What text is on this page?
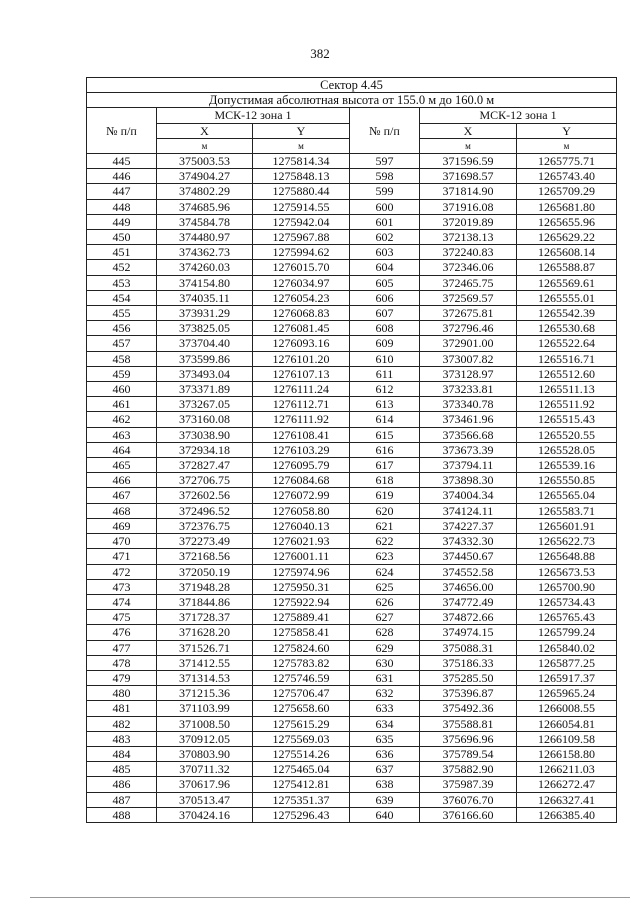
382
Сектор 4.45					
Допустимая абсолютная высота от 155.0 м до 160.0 м					
№ п/п	МСК-12 зона 1		№ п/п	МСК-12 зона 1	
	X	Y		X	Y
	м	м		м	м
445	375003.53	1275814.34	597	371596.59	1265775.71
446	374904.27	1275848.13	598	371698.57	1265743.40
447	374802.29	1275880.44	599	371814.90	1265709.29
448	374685.96	1275914.55	600	371916.08	1265681.80
449	374584.78	1275942.04	601	372019.89	1265655.96
450	374480.97	1275967.88	602	372138.13	1265629.22
451	374362.73	1275994.62	603	372240.83	1265608.14
452	374260.03	1276015.70	604	372346.06	1265588.87
453	374154.80	1276034.97	605	372465.75	1265569.61
454	374035.11	1276054.23	606	372569.57	1265555.01
455	373931.29	1276068.83	607	372675.81	1265542.39
456	373825.05	1276081.45	608	372796.46	1265530.68
457	373704.40	1276093.16	609	372901.00	1265522.64
458	373599.86	1276101.20	610	373007.82	1265516.71
459	373493.04	1276107.13	611	373128.97	1265512.60
460	373371.89	1276111.24	612	373233.81	1265511.13
461	373267.05	1276112.71	613	373340.78	1265511.92
462	373160.08	1276111.92	614	373461.96	1265515.43
463	373038.90	1276108.41	615	373566.68	1265520.55
464	372934.18	1276103.29	616	373673.39	1265528.05
465	372827.47	1276095.79	617	373794.11	1265539.16
466	372706.75	1276084.68	618	373898.30	1265550.85
467	372602.56	1276072.99	619	374004.34	1265565.04
468	372496.52	1276058.80	620	374124.11	1265583.71
469	372376.75	1276040.13	621	374227.37	1265601.91
470	372273.49	1276021.93	622	374332.30	1265622.73
471	372168.56	1276001.11	623	374450.67	1265648.88
472	372050.19	1275974.96	624	374552.58	1265673.53
473	371948.28	1275950.31	625	374656.00	1265700.90
474	371844.86	1275922.94	626	374772.49	1265734.43
475	371728.37	1275889.41	627	374872.66	1265765.43
476	371628.20	1275858.41	628	374974.15	1265799.24
477	371526.71	1275824.60	629	375088.31	1265840.02
478	371412.55	1275783.82	630	375186.33	1265877.25
479	371314.53	1275746.59	631	375285.50	1265917.37
480	371215.36	1275706.47	632	375396.87	1265965.24
481	371103.99	1275658.60	633	375492.36	1266008.55
482	371008.50	1275615.29	634	375588.81	1266054.81
483	370912.05	1275569.03	635	375696.96	1266109.58
484	370803.90	1275514.26	636	375789.54	1266158.80
485	370711.32	1275465.04	637	375882.90	1266211.03
486	370617.96	1275412.81	638	375987.39	1266272.47
487	370513.47	1275351.37	639	376076.70	1266327.41
488	370424.16	1275296.43	640	376166.60	1266385.40
